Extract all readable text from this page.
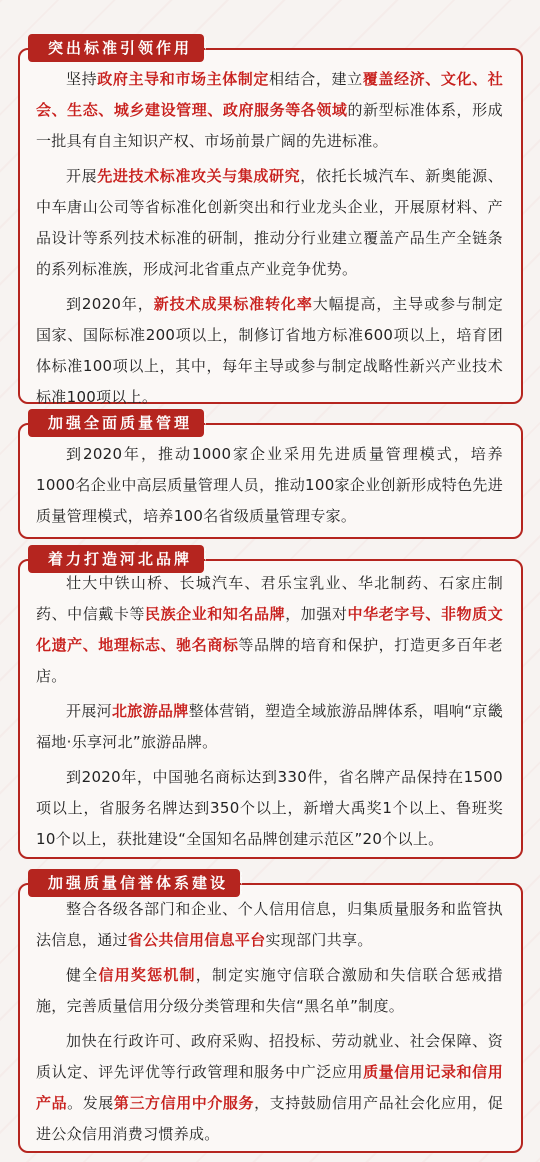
突出标准引领作用

坚持政府主导和市场主体制定相结合，建立覆盖经济、文化、社会、生态、城乡建设管理、政府服务等各领域的新型标准体系，形成一批具有自主知识产权、市场前景广阔的先进标准。

开展先进技术标准攻关与集成研究，依托长城汽车、新奥能源、中车唐山公司等省标准化创新突出和行业龙头企业，开展原材料、产品设计等系列技术标准的研制，推动分行业建立覆盖产品生产全链条的系列标准族，形成河北省重点产业竞争优势。

到2020年，新技术成果标准转化率大幅提高，主导或参与制定国家、国际标准200项以上，制修订省地方标准600项以上，培育团体标准100项以上，其中，每年主导或参与制定战略性新兴产业技术标准100项以上。

加强全面质量管理

到2020年，推动1000家企业采用先进质量管理模式，培养1000名企业中高层质量管理人员，推动100家企业创新形成特色先进质量管理模式，培养100名省级质量管理专家。

着力打造河北品牌

壮大中铁山桥、长城汽车、君乐宝乳业、华北制药、石家庄制药、中信戴卡等民族企业和知名品牌，加强对中华老字号、非物质文化遗产、地理标志、驰名商标等品牌的培育和保护，打造更多百年老店。

开展河北旅游品牌整体营销，塑造全域旅游品牌体系，唱响“京畿福地·乐享河北”旅游品牌。

到2020年，中国驰名商标达到330件，省名牌产品保持在1500项以上，省服务名牌达到350个以上，新增大禹奖1个以上、鲁班奖10个以上，获批建设“全国知名品牌创建示范区”20个以上。

加强质量信誉体系建设

整合各级各部门和企业、个人信用信息，归集质量服务和监管执法信息，通过省公共信用信息平台实现部门共享。

健全信用奖惩机制，制定实施守信联合激励和失信联合惩戒措施，完善质量信用分级分类管理和失信“黑名单”制度。

加快在行政许可、政府采购、招投标、劳动就业、社会保障、资质认定、评先评优等行政管理和服务中广泛应用质量信用记录和信用产品。发展第三方信用中介服务，支持鼓励信用产品社会化应用，促进公众信用消费习惯养成。
